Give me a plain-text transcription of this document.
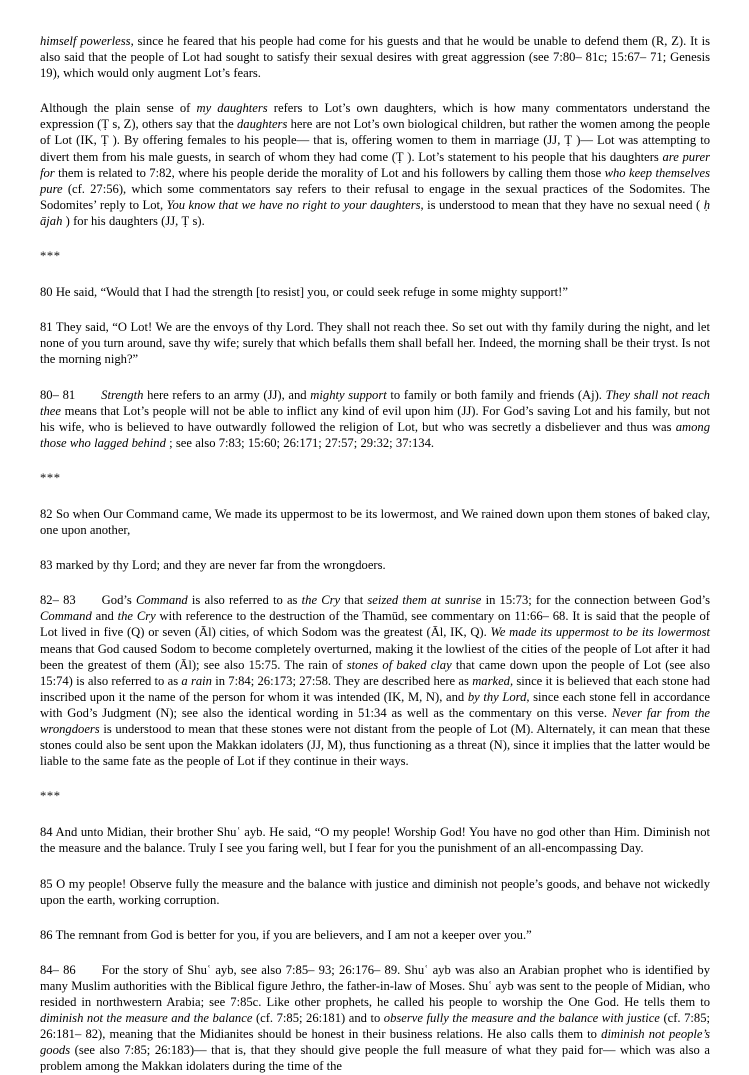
himself powerless, since he feared that his people had come for his guests and that he would be unable to defend them (R, Z). It is also said that the people of Lot had sought to satisfy their sexual desires with great aggression (see 7:80– 81c; 15:67– 71; Genesis 19), which would only augment Lot’s fears.

Although the plain sense of my daughters refers to Lot’s own daughters, which is how many commentators understand the expression (Ṭ s, Z), others say that the daughters here are not Lot’s own biological children, but rather the women among the people of Lot (IK, Ṭ ). By offering females to his people— that is, offering women to them in marriage (JJ, Ṭ )— Lot was attempting to divert them from his male guests, in search of whom they had come (Ṭ ). Lot’s statement to his people that his daughters are purer for them is related to 7:82, where his people deride the morality of Lot and his followers by calling them those who keep themselves pure (cf. 27:56), which some commentators say refers to their refusal to engage in the sexual practices of the Sodomites. The Sodomites’ reply to Lot, You know that we have no right to your daughters, is understood to mean that they have no sexual need ( ḥ ājah ) for his daughters (JJ, Ṭ s).

***

80 He said, “Would that I had the strength [to resist] you, or could seek refuge in some mighty support!”

81 They said, “O Lot! We are the envoys of thy Lord. They shall not reach thee. So set out with thy family during the night, and let none of you turn around, save thy wife; surely that which befalls them shall befall her. Indeed, the morning shall be their tryst. Is not the morning nigh?”

80– 81 Strength here refers to an army (JJ), and mighty support to family or both family and friends (Aj). They shall not reach thee means that Lot’s people will not be able to inflict any kind of evil upon him (JJ). For God’s saving Lot and his family, but not his wife, who is believed to have outwardly followed the religion of Lot, but who was secretly a disbeliever and thus was among those who lagged behind ; see also 7:83; 15:60; 26:171; 27:57; 29:32; 37:134.

***

82 So when Our Command came, We made its uppermost to be its lowermost, and We rained down upon them stones of baked clay, one upon another,

83 marked by thy Lord; and they are never far from the wrongdoers.

82– 83 God’s Command is also referred to as the Cry that seized them at sunrise in 15:73; for the connection between God’s Command and the Cry with reference to the destruction of the Thamūd, see commentary on 11:66– 68. It is said that the people of Lot lived in five (Q) or seven (Āl) cities, of which Sodom was the greatest (Āl, IK, Q). We made its uppermost to be its lowermost means that God caused Sodom to become completely overturned, making it the lowliest of the cities of the people of Lot after it had been the greatest of them (Āl); see also 15:75. The rain of stones of baked clay that came down upon the people of Lot (see also 15:74) is also referred to as a rain in 7:84; 26:173; 27:58. They are described here as marked, since it is believed that each stone had inscribed upon it the name of the person for whom it was intended (IK, M, N), and by thy Lord, since each stone fell in accordance with God’s Judgment (N); see also the identical wording in 51:34 as well as the commentary on this verse. Never far from the wrongdoers is understood to mean that these stones were not distant from the people of Lot (M). Alternately, it can mean that these stones could also be sent upon the Makkan idolaters (JJ, M), thus functioning as a threat (N), since it implies that the latter would be liable to the same fate as the people of Lot if they continue in their ways.

***

84 And unto Midian, their brother Shuʿ ayb. He said, “O my people! Worship God! You have no god other than Him. Diminish not the measure and the balance. Truly I see you faring well, but I fear for you the punishment of an all-encompassing Day.

85 O my people! Observe fully the measure and the balance with justice and diminish not people’s goods, and behave not wickedly upon the earth, working corruption.

86 The remnant from God is better for you, if you are believers, and I am not a keeper over you.”

84– 86 For the story of Shuʿ ayb, see also 7:85– 93; 26:176– 89. Shuʿ ayb was also an Arabian prophet who is identified by many Muslim authorities with the Biblical figure Jethro, the father-in-law of Moses. Shuʿ ayb was sent to the people of Midian, who resided in northwestern Arabia; see 7:85c. Like other prophets, he called his people to worship the One God. He tells them to diminish not the measure and the balance (cf. 7:85; 26:181) and to observe fully the measure and the balance with justice (cf. 7:85; 26:181– 82), meaning that the Midianites should be honest in their business relations. He also calls them to diminish not people’s goods (see also 7:85; 26:183)— that is, that they should give people the full measure of what they paid for— which was also a problem among the Makkan idolaters during the time of the
